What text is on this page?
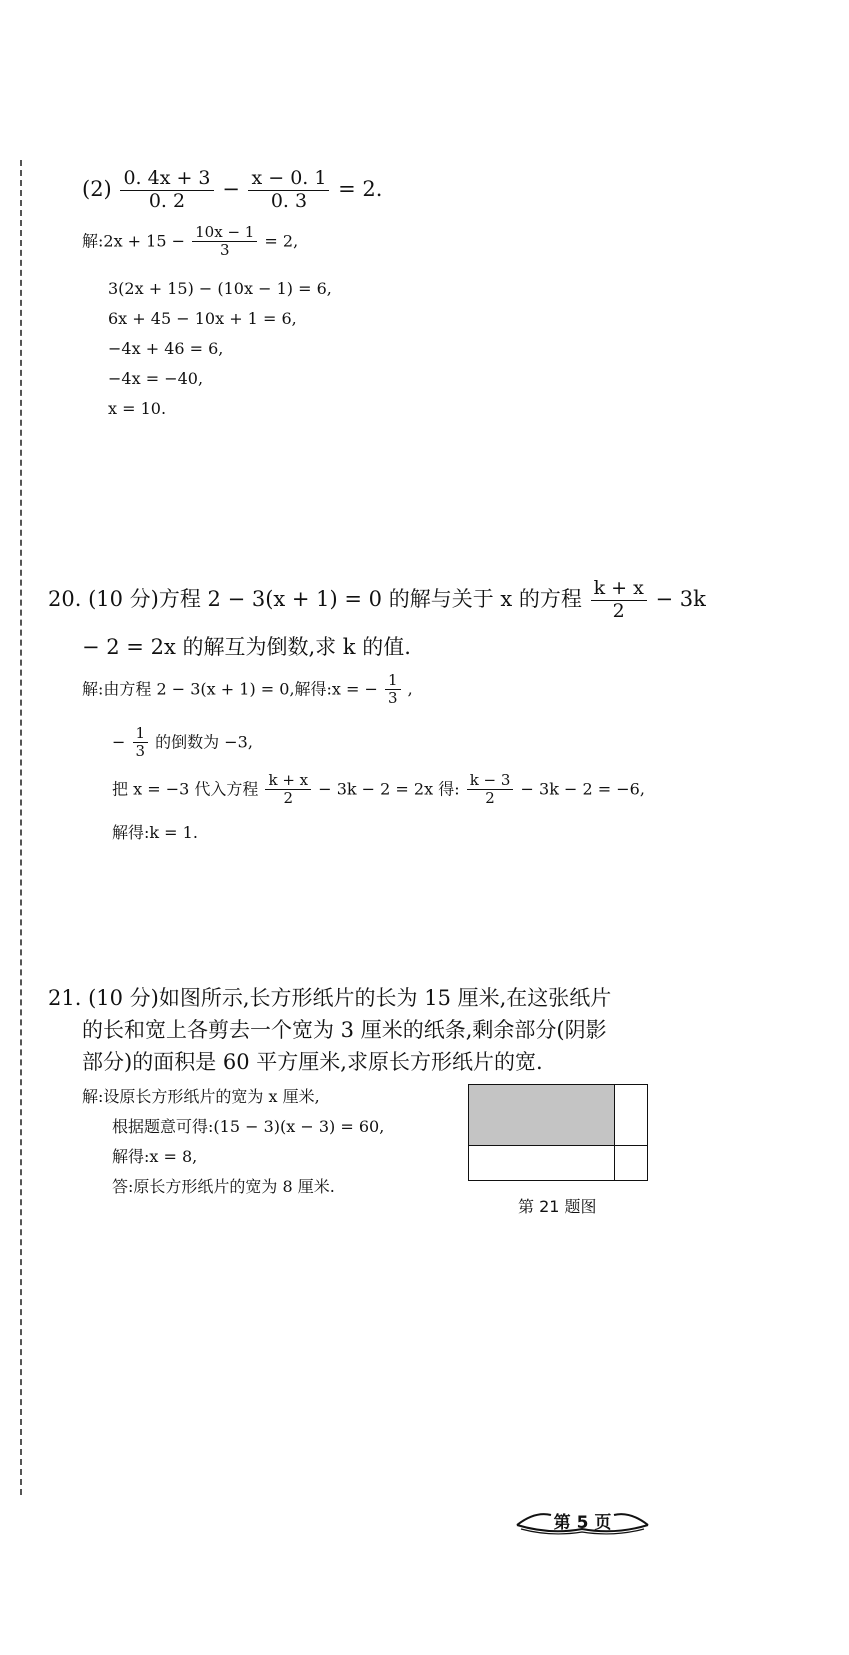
$(2) \frac{0. 4x + 3}{0. 2} - \frac{x - 0. 1}{0. 3} = 2$.
解:2x + $15 - \frac{10x - 1}{3} = 2$,
3(2x + 15) − (10x − 1) = 6,
6x + 45 − 10x + 1 = 6,
−4x + 46 = 6,
−4x = −40,
x = 10.
20. (10 分)方程 2 − 3(x + 1) = 0 的解与关于 x 的方程 $\frac{k + x}{2} - 3k$
− 2 = 2x 的解互为倒数,求 k 的值.
解:由方程 2 − 3(x + 1) = 0,解得:x = − $\frac{1}{3}$ ,
− $\frac{1}{3}$ 的倒数为 −3,
把 x = −3 代入方程 $\frac{k + x}{2} - 3k - 2 = 2x$ 得: $\frac{k - 3}{2} - 3k - 2 = -6$,
解得:k = 1.
21. (10 分)如图所示,长方形纸片的长为 15 厘米,在这张纸片
的长和宽上各剪去一个宽为 3 厘米的纸条,剩余部分(阴影
部分)的面积是 60 平方厘米,求原长方形纸片的宽.
解:设原长方形纸片的宽为 x 厘米,
根据题意可得:(15 − 3)(x − 3) = 60,
解得:x = 8,
答:原长方形纸片的宽为 8 厘米.
第 21 题图
第 5 页
